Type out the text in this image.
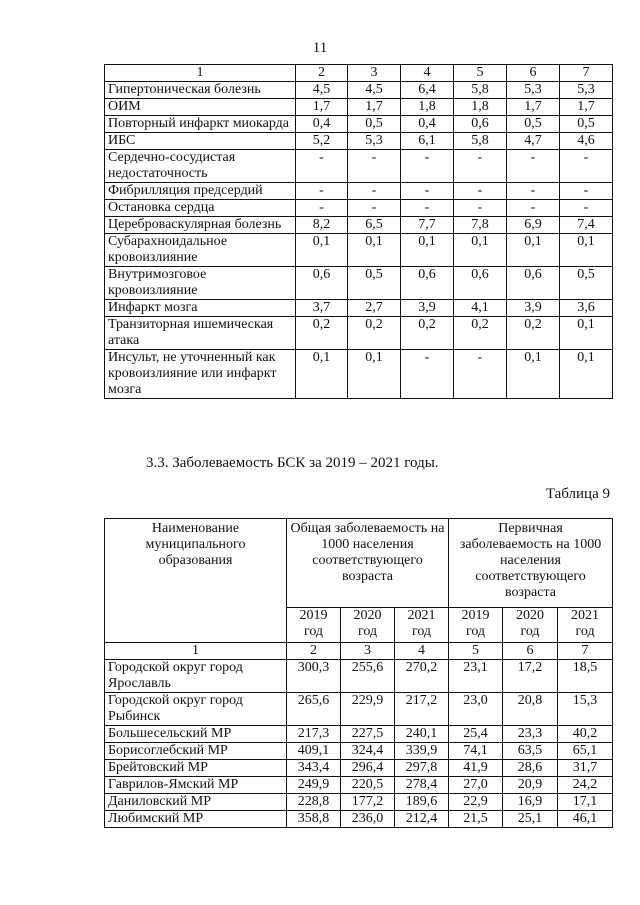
11
1	2	3	4	5	6	7
Гипертоническая болезнь	4,5	4,5	6,4	5,8	5,3	5,3
ОИМ	1,7	1,7	1,8	1,8	1,7	1,7
Повторный инфаркт миокарда	0,4	0,5	0,4	0,6	0,5	0,5
ИБС	5,2	5,3	6,1	5,8	4,7	4,6
Сердечно-сосудистая недостаточность	-	-	-	-	-	-
Фибрилляция предсердий	-	-	-	-	-	-
Остановка сердца	-	-	-	-	-	-
Цереброваскулярная болезнь	8,2	6,5	7,7	7,8	6,9	7,4
Субарахноидальное кровоизлияние	0,1	0,1	0,1	0,1	0,1	0,1
Внутримозговое кровоизлияние	0,6	0,5	0,6	0,6	0,6	0,5
Инфаркт мозга	3,7	2,7	3,9	4,1	3,9	3,6
Транзиторная ишемическая атака	0,2	0,2	0,2	0,2	0,2	0,1
Инсульт, не уточненный как кровоизлияние или инфаркт мозга	0,1	0,1	-	-	0,1	0,1
3.3. Заболеваемость БСК за 2019 – 2021 годы.
Таблица 9
Наименование муниципального образования	Общая заболеваемость на 1000 населения соответствующего возраста			Первичная заболеваемость на 1000 населения соответствующего возраста		
	2019 год	2020 год	2021 год	2019 год	2020 год	2021 год
1	2	3	4	5	6	7
Городской округ город Ярославль	300,3	255,6	270,2	23,1	17,2	18,5
Городской округ город Рыбинск	265,6	229,9	217,2	23,0	20,8	15,3
Большесельский МР	217,3	227,5	240,1	25,4	23,3	40,2
Борисоглебский МР	409,1	324,4	339,9	74,1	63,5	65,1
Брейтовский МР	343,4	296,4	297,8	41,9	28,6	31,7
Гаврилов-Ямский МР	249,9	220,5	278,4	27,0	20,9	24,2
Даниловский МР	228,8	177,2	189,6	22,9	16,9	17,1
Любимский МР	358,8	236,0	212,4	21,5	25,1	46,1
